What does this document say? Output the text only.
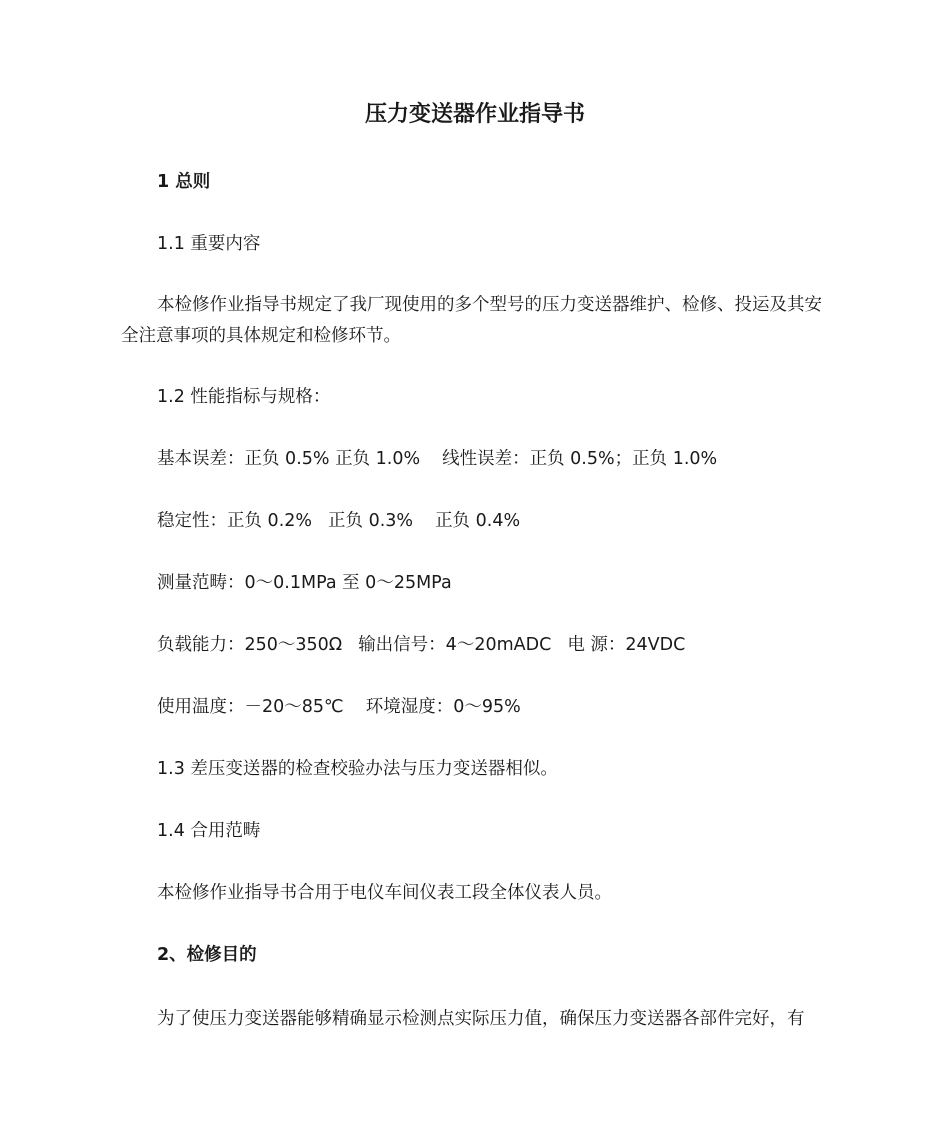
压力变送器作业指导书

1 总则

1.1 重要内容

本检修作业指导书规定了我厂现使用的多个型号的压力变送器维护、检修、投运及其安全注意事项的具体规定和检修环节。

1.2 性能指标与规格：

基本误差：正负 0.5% 正负 1.0% 线性误差：正负 0.5%；正负 1.0%

稳定性：正负 0.2% 正负 0.3% 正负 0.4%

测量范畴：0～0.1MPa 至 0～25MPa

负载能力：250～350Ω 输出信号：4～20mADC 电 源：24VDC

使用温度：－20～85℃ 环境湿度：0～95%

1.3 差压变送器的检查校验办法与压力变送器相似。

1.4 合用范畴

本检修作业指导书合用于电仪车间仪表工段全体仪表人员。

2、检修目的

为了使压力变送器能够精确显示检测点实际压力值，确保压力变送器各部件完好，有
